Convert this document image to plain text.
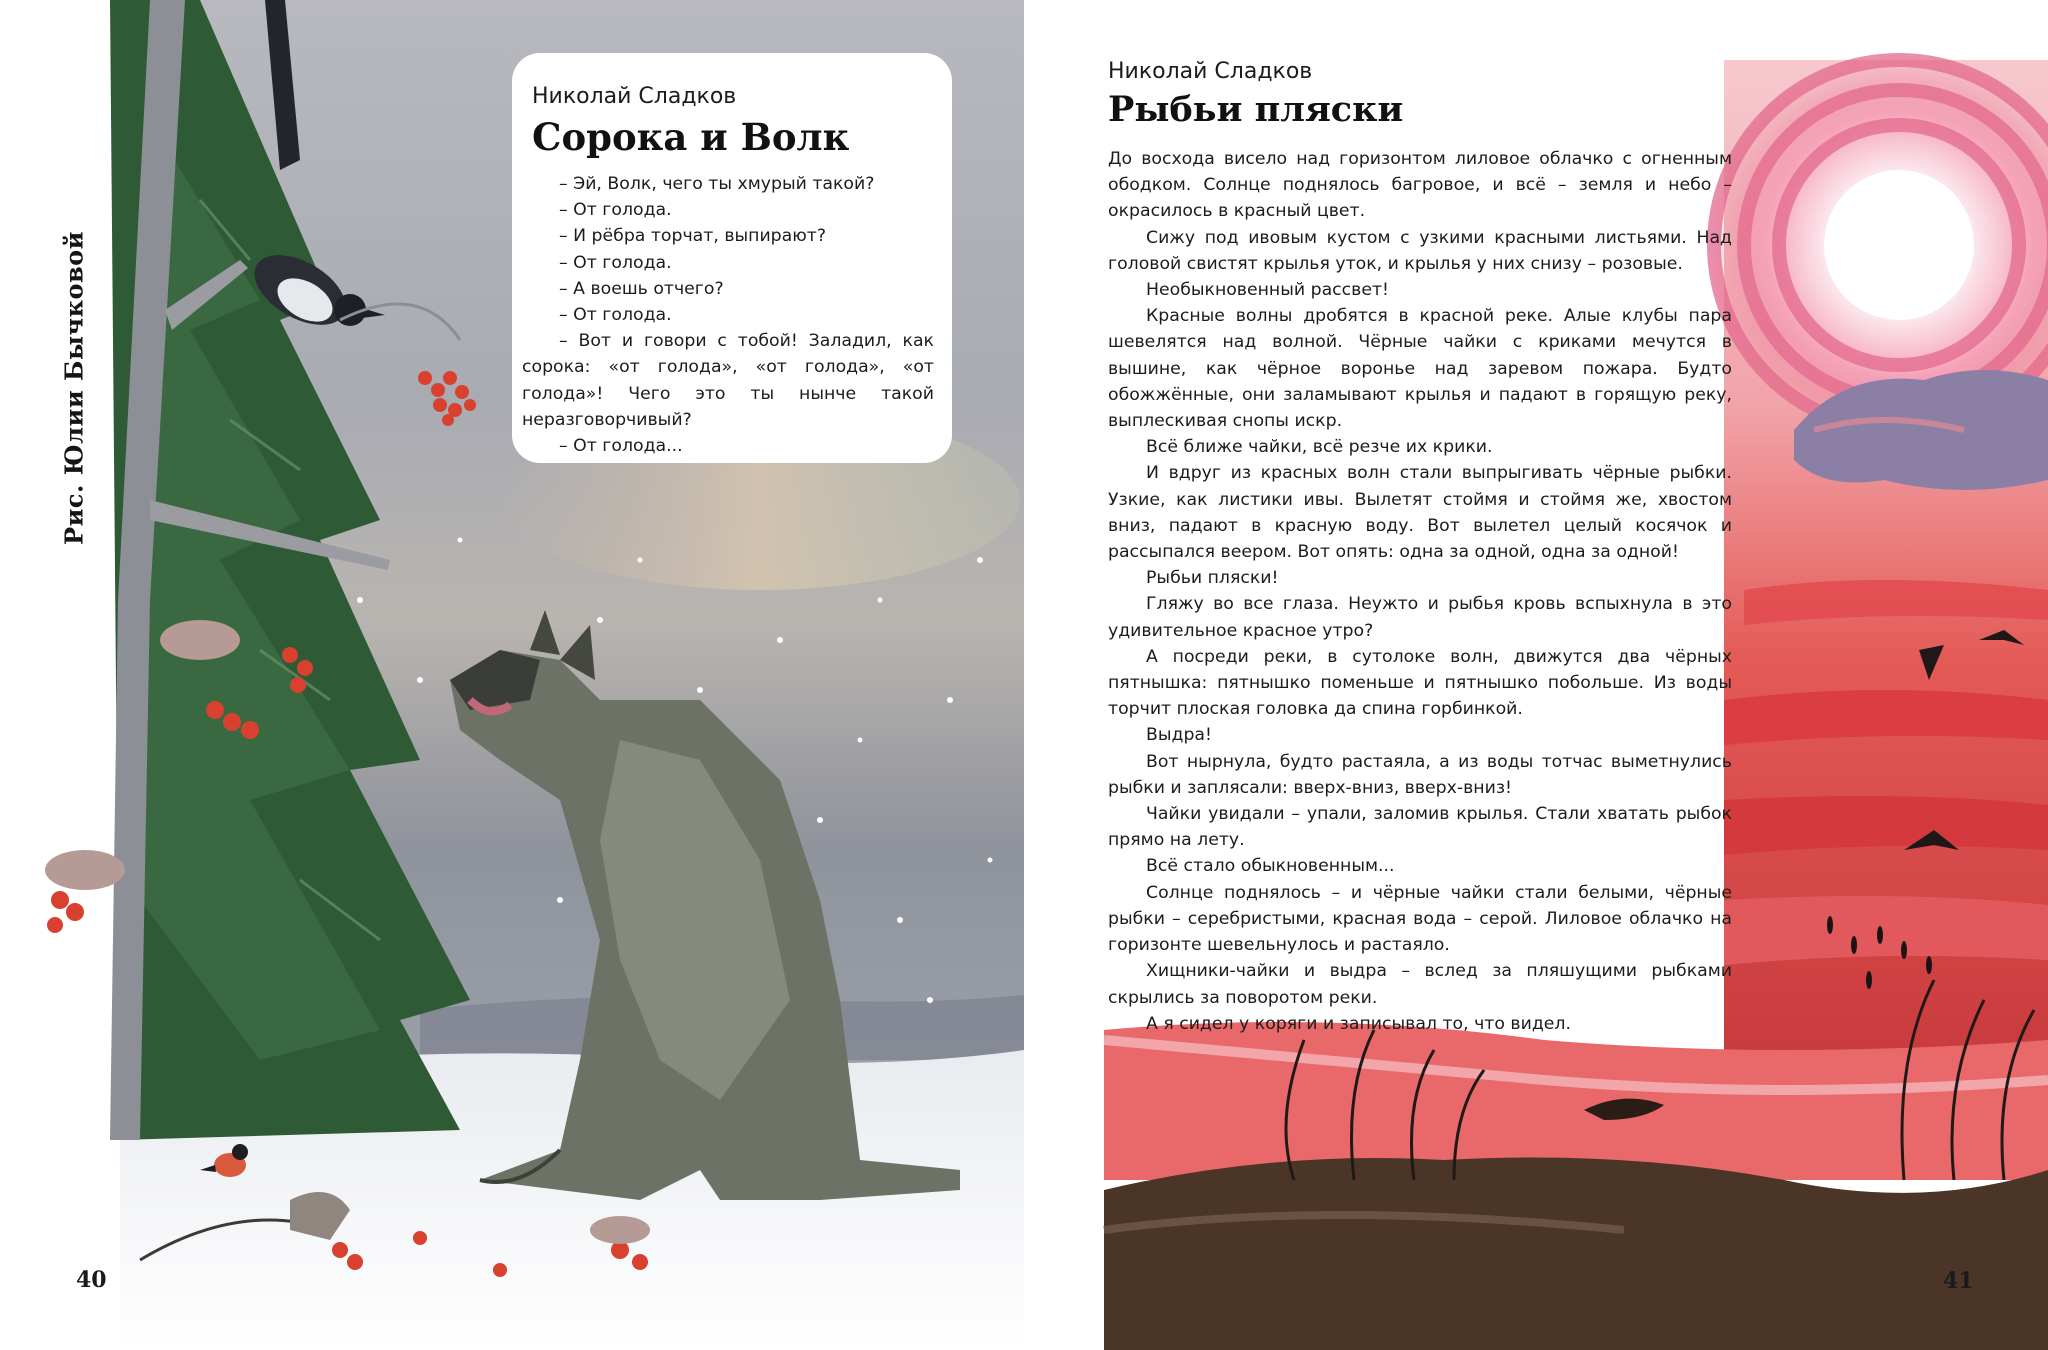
Рис. Юлии Бычковой
Николай Сладков
Сорока и Волк

– Эй, Волк, чего ты хмурый такой?

– От голода.

– И рёбра торчат, выпирают?

– От голода.

– А воешь отчего?

– От голода.

– Вот и говори с тобой! Заладил, как сорока: «от голода», «от голода», «от голода»! Чего это ты нынче такой неразговорчивый?

– От голода...

40
Николай Сладков
Рыбьи пляски

До восхода висело над горизонтом лиловое облачко с огненным ободком. Солнце поднялось багровое, и всё – земля и небо – окрасилось в красный цвет.

Сижу под ивовым кустом с узкими красными листьями. Над головой свистят крылья уток, и крылья у них снизу – розовые.

Необыкновенный рассвет!

Красные волны дробятся в красной реке. Алые клубы пара шевелятся над волной. Чёрные чайки с криками мечутся в вышине, как чёрное воронье над заревом пожара. Будто обожжённые, они заламывают крылья и падают в горящую реку, выплескивая снопы искр.

Всё ближе чайки, всё резче их крики.

И вдруг из красных волн стали выпрыгивать чёрные рыбки. Узкие, как листики ивы. Вылетят стоймя и стоймя же, хвостом вниз, падают в красную воду. Вот вылетел целый косячок и рассыпался веером. Вот опять: одна за одной, одна за одной!

Рыбьи пляски!

Гляжу во все глаза. Неужто и рыбья кровь вспыхнула в это удивительное красное утро?

А посреди реки, в сутолоке волн, движутся два чёрных пятнышка: пятнышко поменьше и пятнышко побольше. Из воды торчит плоская головка да спина горбинкой.

Выдра!

Вот нырнула, будто растаяла, а из воды тотчас выметнулись рыбки и заплясали: вверх-вниз, вверх-вниз!

Чайки увидали – упали, заломив крылья. Стали хватать рыбок прямо на лету.

Всё стало обыкновенным...

Солнце поднялось – и чёрные чайки стали белыми, чёрные рыбки – серебристыми, красная вода – серой. Лиловое облачко на горизонте шевельнулось и растаяло.

Хищники-чайки и выдра – вслед за пляшущими рыбками скрылись за поворотом реки.

А я сидел у коряги и записывал то, что видел.

41
